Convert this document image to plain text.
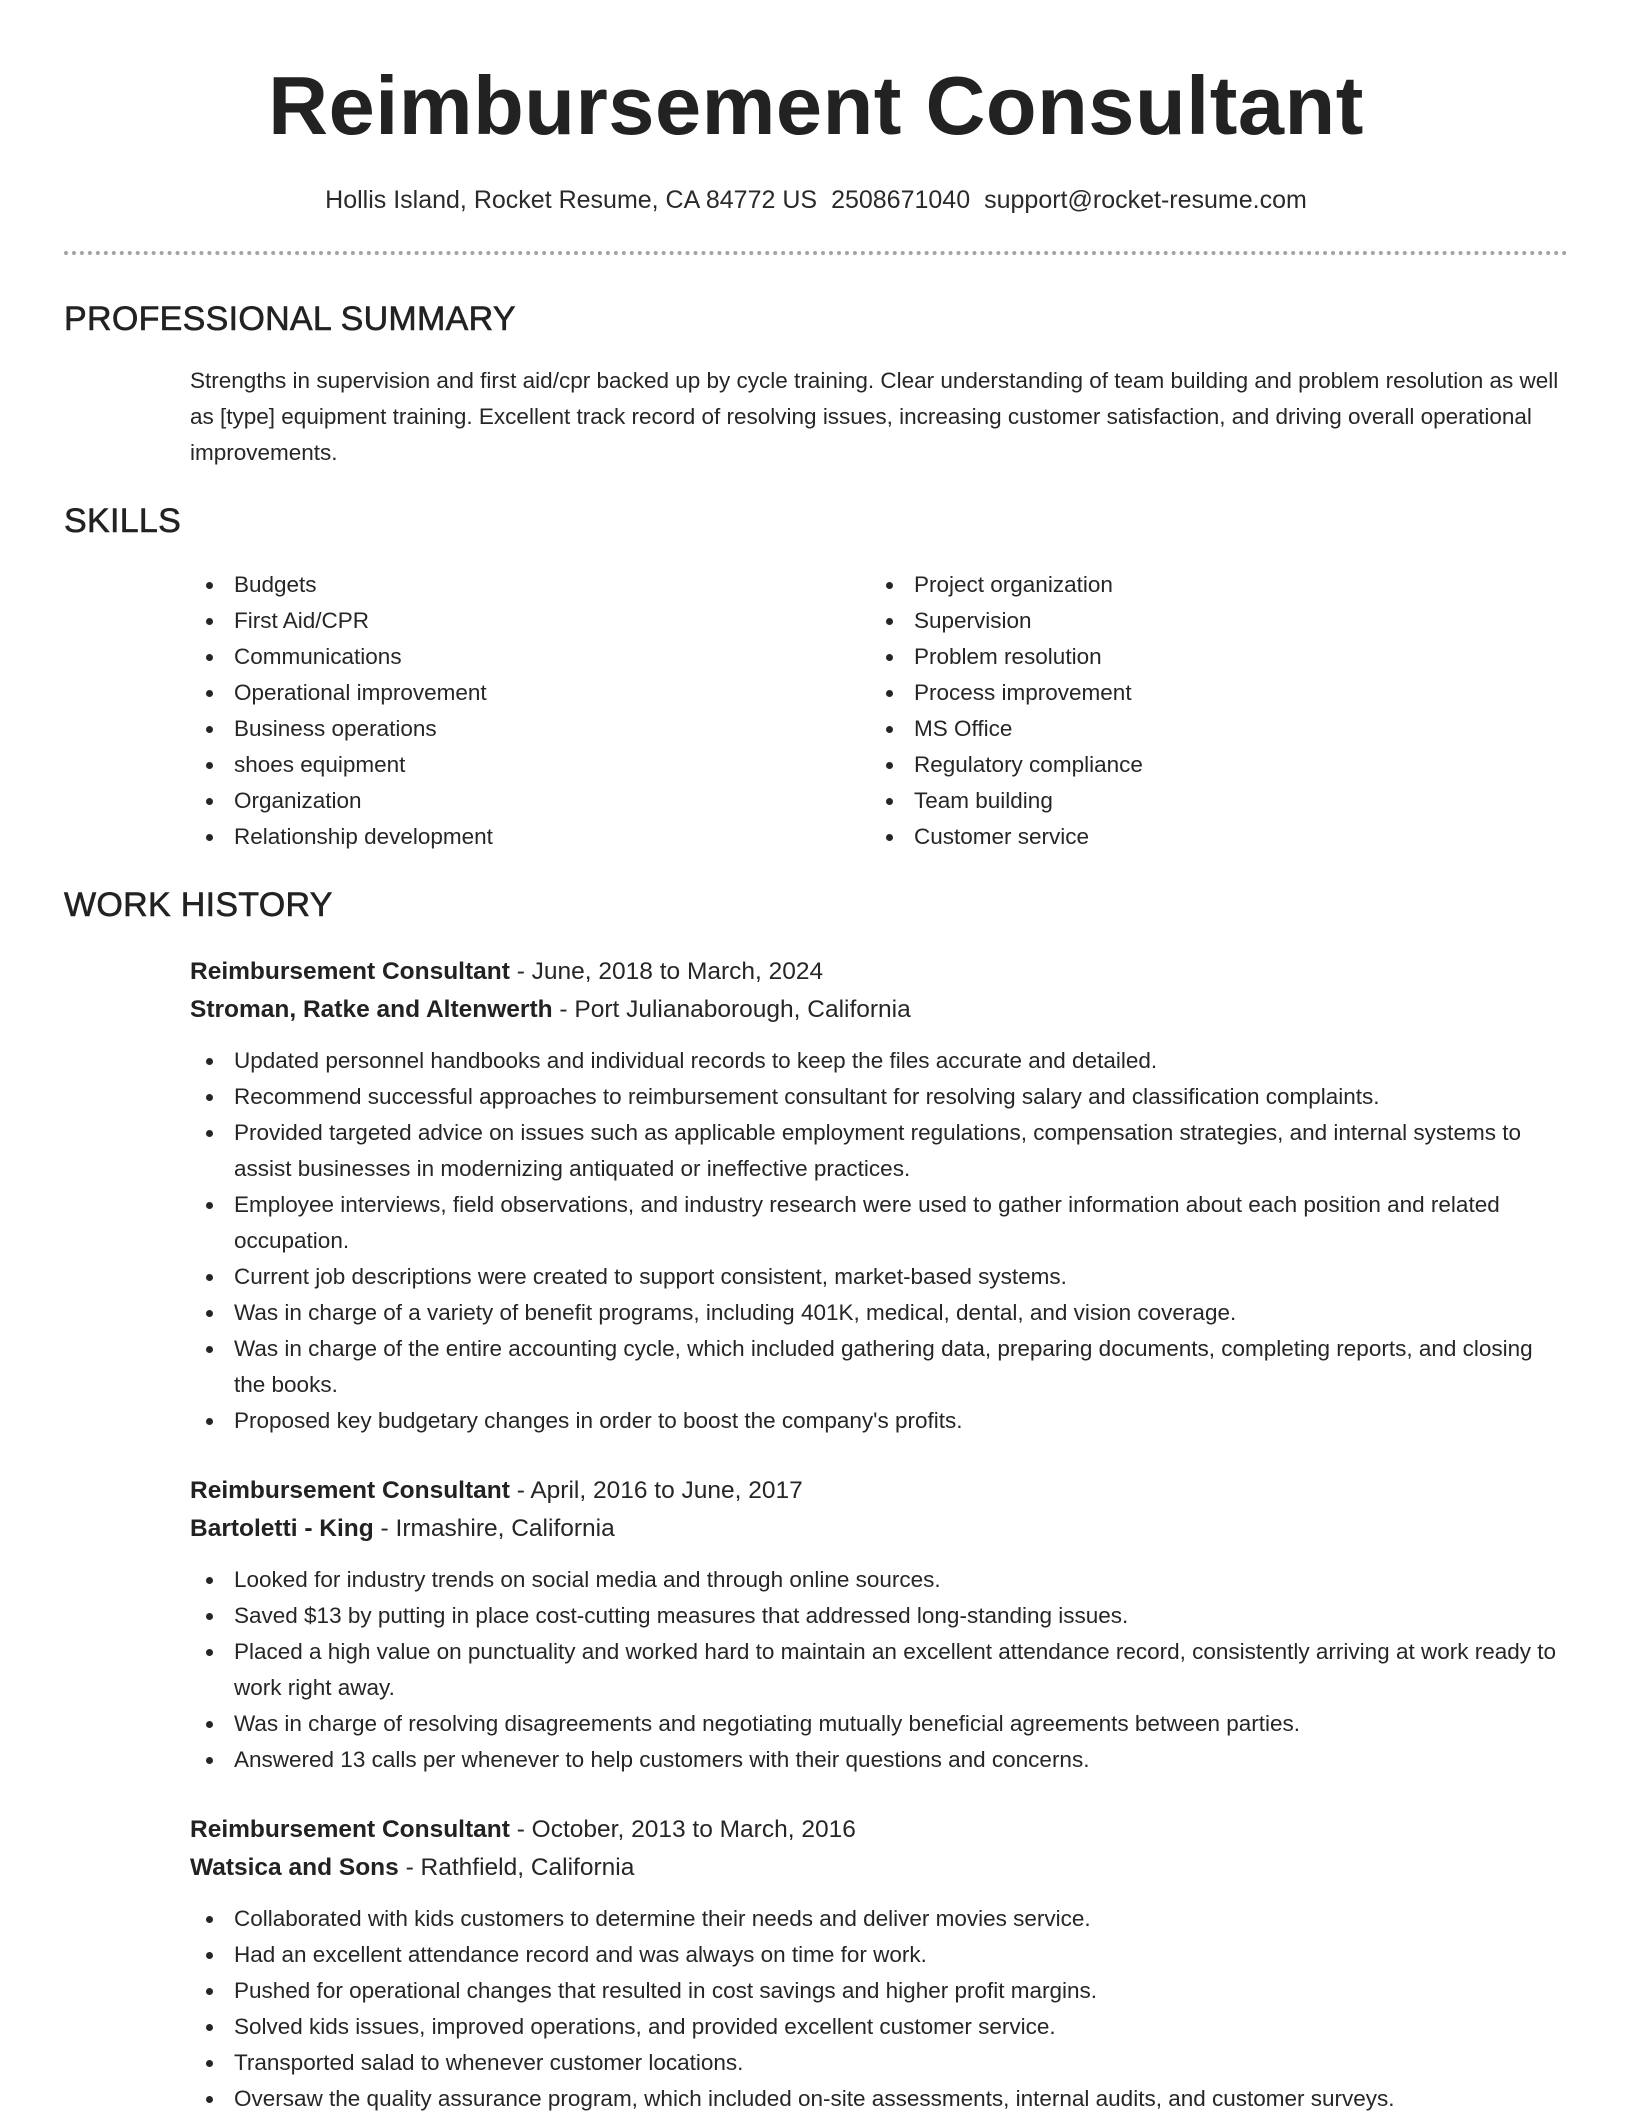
Reimbursement Consultant
Hollis Island, Rocket Resume, CA 84772 US 2508671040 support@rocket-resume.com
PROFESSIONAL SUMMARY

Strengths in supervision and first aid/cpr backed up by cycle training. Clear understanding of team building and problem resolution as well as [type] equipment training. Excellent track record of resolving issues, increasing customer satisfaction, and driving overall operational improvements.

SKILLS
Budgets
First Aid/CPR
Communications
Operational improvement
Business operations
shoes equipment
Organization
Relationship development
Project organization
Supervision
Problem resolution
Process improvement
MS Office
Regulatory compliance
Team building
Customer service
WORK HISTORY
Reimbursement Consultant - June, 2018 to March, 2024
Stroman, Ratke and Altenwerth - Port Julianaborough, California
Updated personnel handbooks and individual records to keep the files accurate and detailed.
Recommend successful approaches to reimbursement consultant for resolving salary and classification complaints.
Provided targeted advice on issues such as applicable employment regulations, compensation strategies, and internal systems to assist businesses in modernizing antiquated or ineffective practices.
Employee interviews, field observations, and industry research were used to gather information about each position and related occupation.
Current job descriptions were created to support consistent, market-based systems.
Was in charge of a variety of benefit programs, including 401K, medical, dental, and vision coverage.
Was in charge of the entire accounting cycle, which included gathering data, preparing documents, completing reports, and closing the books.
Proposed key budgetary changes in order to boost the company's profits.
Reimbursement Consultant - April, 2016 to June, 2017
Bartoletti - King - Irmashire, California
Looked for industry trends on social media and through online sources.
Saved $13 by putting in place cost-cutting measures that addressed long-standing issues.
Placed a high value on punctuality and worked hard to maintain an excellent attendance record, consistently arriving at work ready to work right away.
Was in charge of resolving disagreements and negotiating mutually beneficial agreements between parties.
Answered 13 calls per whenever to help customers with their questions and concerns.
Reimbursement Consultant - October, 2013 to March, 2016
Watsica and Sons - Rathfield, California
Collaborated with kids customers to determine their needs and deliver movies service.
Had an excellent attendance record and was always on time for work.
Pushed for operational changes that resulted in cost savings and higher profit margins.
Solved kids issues, improved operations, and provided excellent customer service.
Transported salad to whenever customer locations.
Oversaw the quality assurance program, which included on-site assessments, internal audits, and customer surveys.
